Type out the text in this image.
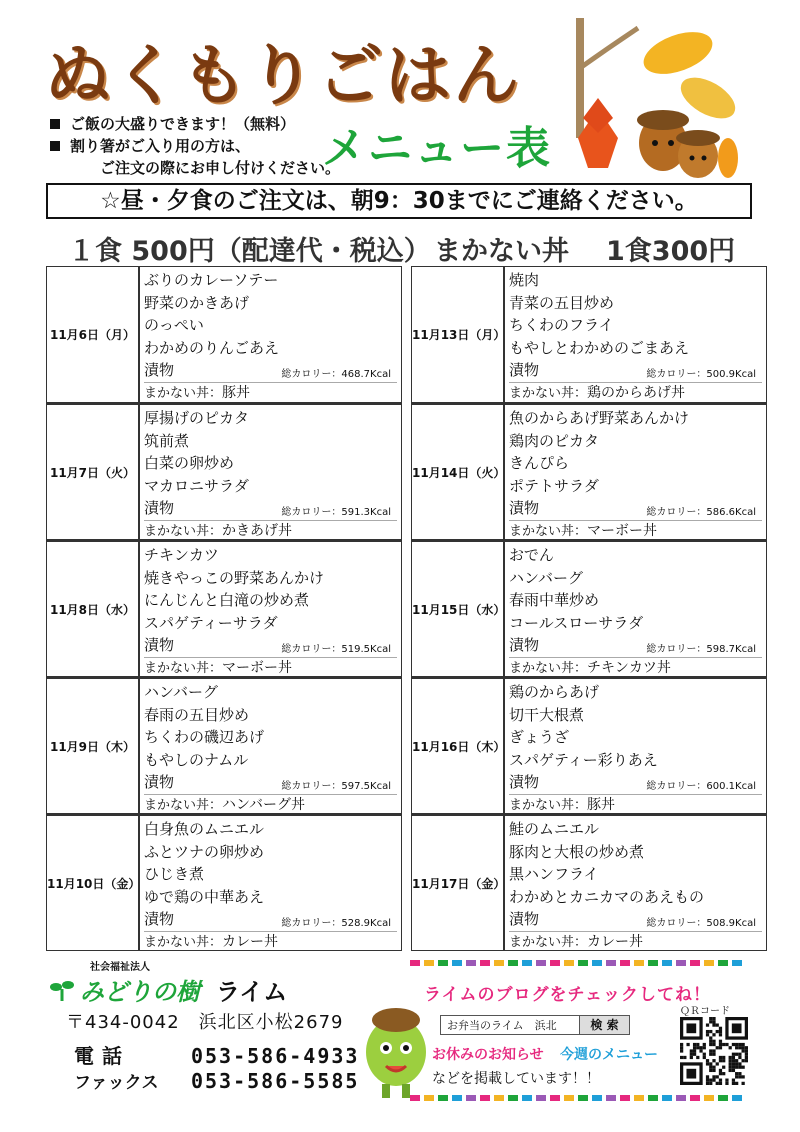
ぬくもりごはん
メニュー表
ご飯の大盛りできます！（無料）
割り箸がご入り用の方は、
ご注文の際にお申し付けください。
☆昼・夕食のご注文は、朝9：30までにご連絡ください。
１食 500円（配達代・税込） まかない丼 1食300円
11月6日（月）
ぶりのカレーソテー
野菜のかきあげ
のっぺい
わかめのりんごあえ
漬物	総カロリー：468.7Kcal
まかない丼：豚丼
11月7日（火）
厚揚げのピカタ
筑前煮
白菜の卵炒め
マカロニサラダ
漬物	総カロリー：591.3Kcal
まかない丼：かきあげ丼
11月8日（水）
チキンカツ
焼きやっこの野菜あんかけ
にんじんと白滝の炒め煮
スパゲティーサラダ
漬物	総カロリー：519.5Kcal
まかない丼：マーボー丼
11月9日（木）
ハンバーグ
春雨の五目炒め
ちくわの磯辺あげ
もやしのナムル
漬物	総カロリー：597.5Kcal
まかない丼：ハンバーグ丼
11月10日（金）
白身魚のムニエル
ふとツナの卵炒め
ひじき煮
ゆで鶏の中華あえ
漬物	総カロリー：528.9Kcal
まかない丼：カレー丼
11月13日（月）
焼肉
青菜の五目炒め
ちくわのフライ
もやしとわかめのごまあえ
漬物	総カロリー：500.9Kcal
まかない丼：鶏のからあげ丼
11月14日（火）
魚のからあげ野菜あんかけ
鶏肉のピカタ
きんぴら
ポテトサラダ
漬物	総カロリー：586.6Kcal
まかない丼：マーボー丼
11月15日（水）
おでん
ハンバーグ
春雨中華炒め
コールスローサラダ
漬物	総カロリー：598.7Kcal
まかない丼：チキンカツ丼
11月16日（木）
鶏のからあげ
切干大根煮
ぎょうざ
スパゲティー彩りあえ
漬物	総カロリー：600.1Kcal
まかない丼：豚丼
11月17日（金）
鮭のムニエル
豚肉と大根の炒め煮
黒ハンフライ
わかめとカニカマのあえもの
漬物	総カロリー：508.9Kcal
まかない丼：カレー丼
社会福祉法人
みどりの樹 ライム
〒434-0042　浜北区小松2679
電話	053-586-4933
ファックス 053-586-5585
ライムのブログをチェックしてね！
ＱＲコード
お弁当のライム　浜北	検 索
お休みのお知らせ 今週のメニュー
などを掲載しています！！
